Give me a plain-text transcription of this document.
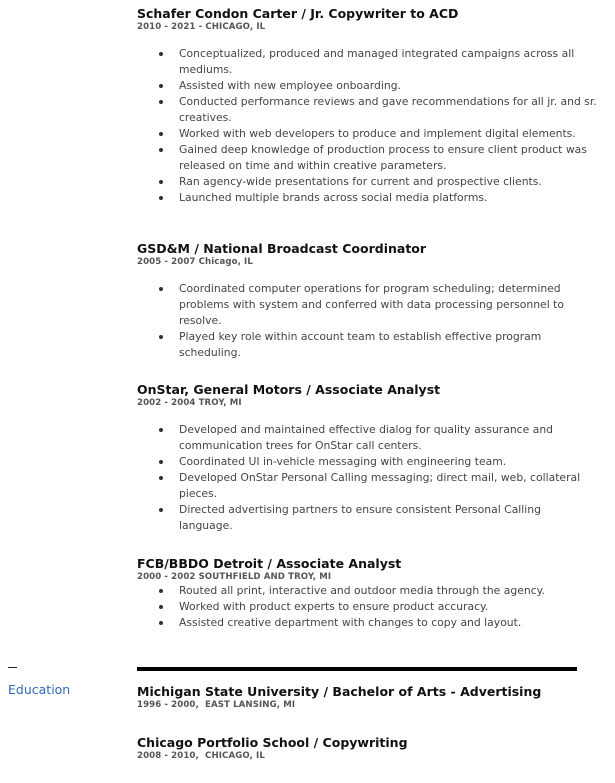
Schafer Condon Carter / Jr. Copywriter to ACD

2010 - 2021 - CHICAGO, IL

Conceptualized, produced and managed integrated campaigns across all mediums.
Assisted with new employee onboarding.
Conducted performance reviews and gave recommendations for all jr. and sr. creatives.
Worked with web developers to produce and implement digital elements.
Gained deep knowledge of production process to ensure client product was released on time and within creative parameters.
Ran agency-wide presentations for current and prospective clients.
Launched multiple brands across social media platforms.

GSD&M / National Broadcast Coordinator

2005 - 2007 Chicago, IL

Coordinated computer operations for program scheduling; determined problems with system and conferred with data processing personnel to resolve.
Played key role within account team to establish effective program scheduling.

OnStar, General Motors / Associate Analyst

2002 - 2004 TROY, MI

Developed and maintained effective dialog for quality assurance and communication trees for OnStar call centers.
Coordinated UI in-vehicle messaging with engineering team.
Developed OnStar Personal Calling messaging; direct mail, web, collateral pieces.
Directed advertising partners to ensure consistent Personal Calling language.

FCB/BBDO Detroit / Associate Analyst

2000 - 2002 SOUTHFIELD AND TROY, MI

Routed all print, interactive and outdoor media through the agency.
Worked with product experts to ensure product accuracy.
Assisted creative department with changes to copy and layout.
Education	Michigan State University / Bachelor of Arts - Advertising

1996 - 2000,  EAST LANSING, MI

Chicago Portfolio School / Copywriting

2008 - 2010,  CHICAGO, IL
